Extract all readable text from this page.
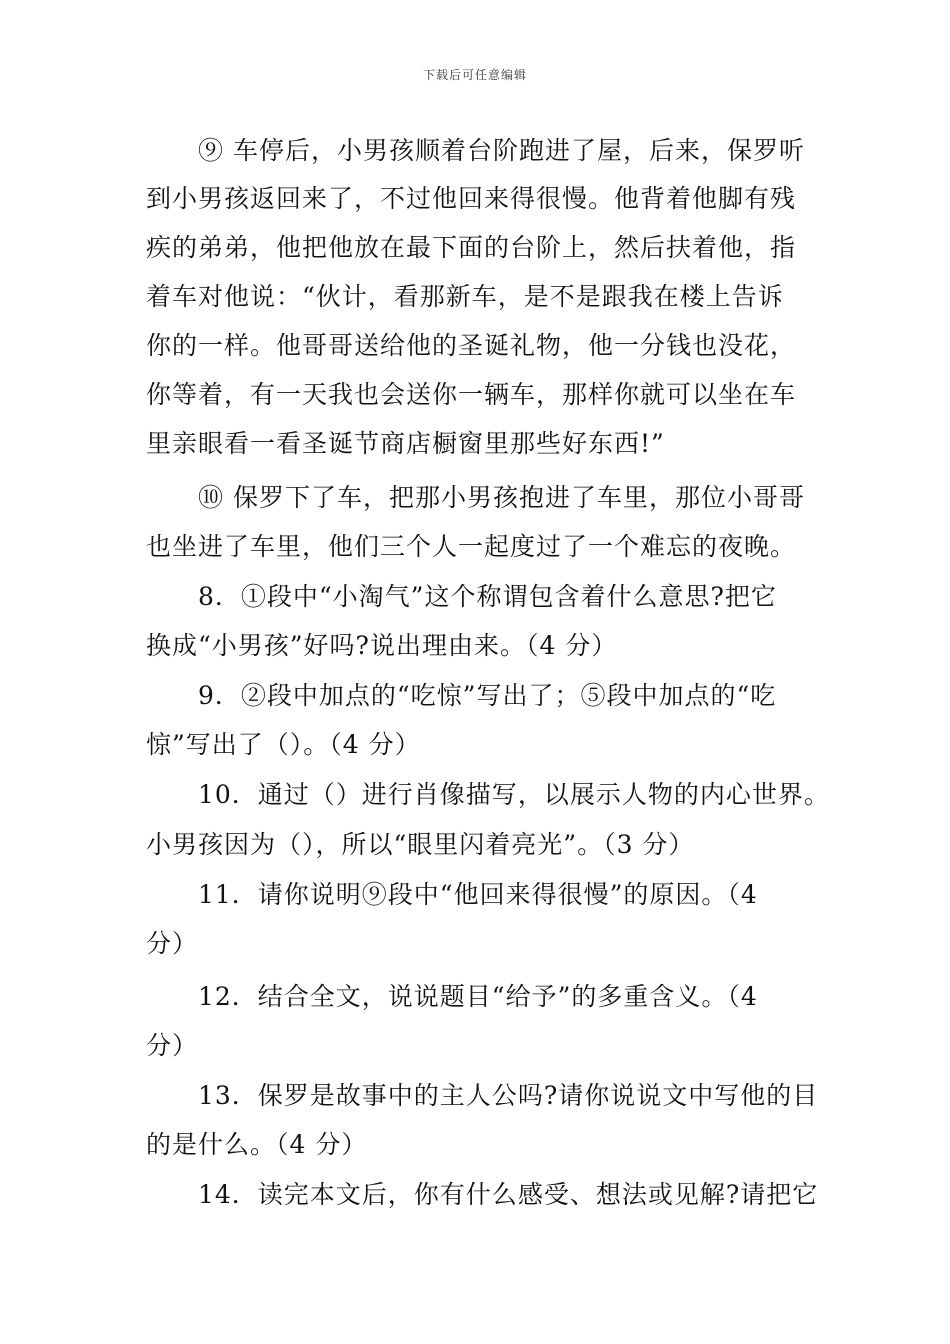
下载后可任意编辑
⑨ 车停后，小男孩顺着台阶跑进了屋，后来，保罗听
到小男孩返回来了，不过他回来得很慢。他背着他脚有残
疾的弟弟，他把他放在最下面的台阶上，然后扶着他，指
着车对他说：“伙计，看那新车，是不是跟我在楼上告诉
你的一样。他哥哥送给他的圣诞礼物，他一分钱也没花，
你等着，有一天我也会送你一辆车，那样你就可以坐在车
里亲眼看一看圣诞节商店橱窗里那些好东西!”
⑩ 保罗下了车，把那小男孩抱进了车里，那位小哥哥
也坐进了车里，他们三个人一起度过了一个难忘的夜晚。
8．①段中“小淘气”这个称谓包含着什么意思?把它
换成“小男孩”好吗?说出理由来。（4 分）
9．②段中加点的“吃惊”写出了；⑤段中加点的“吃
惊”写出了（）。（4 分）
10．通过（）进行肖像描写，以展示人物的内心世界。
小男孩因为（），所以“眼里闪着亮光”。（3 分）
11．请你说明⑨段中“他回来得很慢”的原因。（4
分）
12．结合全文，说说题目“给予”的多重含义。（4
分）
13．保罗是故事中的主人公吗?请你说说文中写他的目
的是什么。（4 分）
14．读完本文后，你有什么感受、想法或见解?请把它
